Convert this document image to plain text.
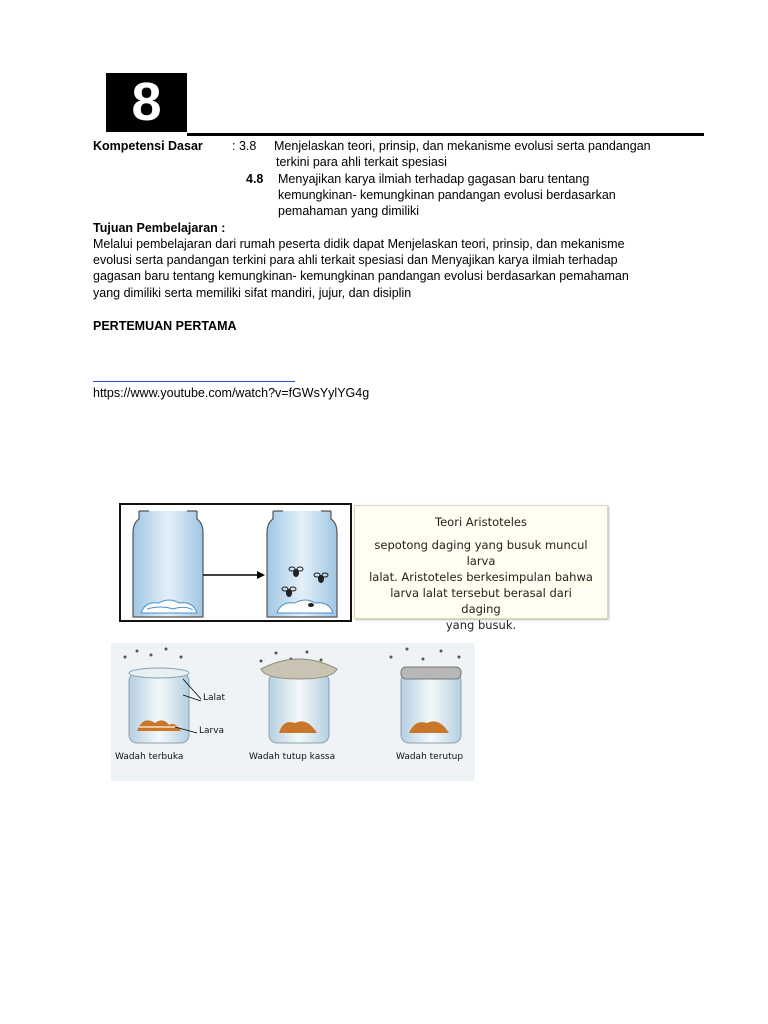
8
Kompetensi Dasar : 3.8 Menjelaskan teori, prinsip, dan mekanisme evolusi serta pandangan
terkini para ahli terkait spesiasi
4.8 Menyajikan karya ilmiah terhadap gagasan baru tentang
kemungkinan- kemungkinan pandangan evolusi berdasarkan
pemahaman yang dimiliki
Tujuan Pembelajaran :
Melalui pembelajaran dari rumah peserta didik dapat Menjelaskan teori, prinsip, dan mekanisme
evolusi serta pandangan terkini para ahli terkait spesiasi dan Menyajikan karya ilmiah terhadap
gagasan baru tentang kemungkinan- kemungkinan pandangan evolusi berdasarkan pemahaman
yang dimiliki serta memiliki sifat mandiri, jujur, dan disiplin
PERTEMUAN PERTAMA
https://www.youtube.com/watch?v=fGWsYylYG4g
Teori Aristoteles
sepotong daging yang busuk muncul larva
lalat. Aristoteles berkesimpulan bahwa
larva lalat tersebut berasal dari daging
yang busuk.
Lalat
Larva
Wadah terbuka	Wadah tutup kassa	Wadah terutup
